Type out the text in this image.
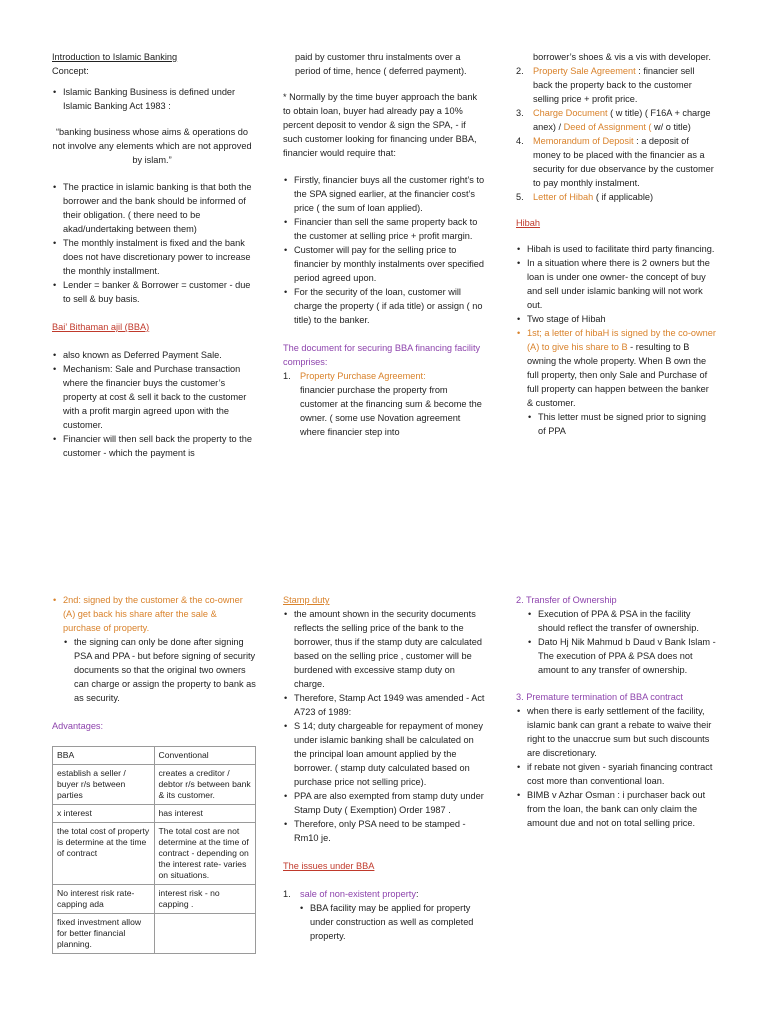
Introduction to Islamic Banking

Concept:

• Islamic Banking Business is defined under Islamic Banking Act 1983 :

“banking business whose aims & operations do not involve any elements which are not approved by islam.”

• The practice in islamic banking is that both the borrower and the bank should be informed of their obligation. ( there need to be akad/undertaking between them)
• The monthly instalment is fixed and the bank does not have discretionary power to increase the monthly installment.
• Lender = banker & Borrower = customer - due to sell & buy basis.

Bai’ Bithaman ajil (BBA)

• also known as Deferred Payment Sale.
• Mechanism: Sale and Purchase transaction where the financier buys the customer’s property at cost & sell it back to the customer with a profit margin agreed upon with the customer.
• Financier will then sell back the property to the customer - which the payment is

paid by customer thru instalments over a period of time, hence ( deferred payment).

* Normally by the time buyer approach the bank to obtain loan, buyer had already pay a 10% percent deposit to vendor & sign the SPA, - if such customer looking for financing under BBA, financier would require that:

• Firstly, financier buys all the customer right’s to the SPA signed earlier, at the financier cost’s price ( the sum of loan applied).
• Financier than sell the same property back to the customer at selling price + profit margin.
• Customer will pay for the selling price to financier by monthly instalments over specified period agreed upon.
• For the security of the loan, customer will charge the property ( if ada title) or assign ( no title) to the banker.

The document for securing BBA financing facility comprises:

1. Property Purchase Agreement:
financier purchase the property from customer at the financing sum & become the owner. ( some use Novation agreement where financier step into

borrower’s shoes & vis a vis with developer.

2. Property Sale Agreement : financier sell back the property back to the customer selling price + profit price.
3. Charge Document ( w title) ( F16A + charge anex) / Deed of Assignment ( w/ o title)
4. Memorandum of Deposit : a deposit of money to be placed with the financier as a security for due observance by the customer to pay monthly instalment.
5. Letter of Hibah ( if applicable)

Hibah

• Hibah is used to facilitate third party financing.
• In a situation where there is 2 owners but the loan is under one owner- the concept of buy and sell under islamic banking will not work out.
• Two stage of Hibah
• 1st; a letter of hibaH is signed by the co-owner (A) to give his share to B - resulting to B owning the whole property. When B own the full property, then only Sale and Purchase of full property can happen between the banker & customer.
• This letter must be signed prior to signing of PPA
• 2nd: signed by the customer & the co-owner (A) get back his share after the sale & purchase of property.
• the signing can only be done after signing PSA and PPA - but before signing of security documents so that the original two owners can charge or assign the property to bank as as security.

Advantages:

BBA	Conventional
establish a seller / buyer r/s between parties	creates a creditor / debtor r/s between bank & its customer.
x interest	has interest
the total cost of property is determine at the time of contract	The total cost are not determine at the time of contract - depending on the interest rate- varies on situations.
No interest risk rate- capping ada	interest risk - no capping .
fixed investment allow for better financial planning.	

Stamp duty

• the amount shown in the security documents reflects the selling price of the bank to the borrower, thus if the stamp duty are calculated based on the selling price , customer will be burdened with excessive stamp duty on charge.
• Therefore, Stamp Act 1949 was amended - Act A723 of 1989:
• S 14; duty chargeable for repayment of money under islamic banking shall be calculated on the principal loan amount applied by the borrower. ( stamp duty calculated based on purchase price not selling price).
• PPA are also exempted from stamp duty under Stamp Duty ( Exemption) Order 1987 .
• Therefore, only PSA need to be stamped - Rm10 je.

The issues under BBA

1. sale of non-existent property:
• BBA facility may be applied for property under construction as well as completed property.

2. Transfer of Ownership

• Execution of PPA & PSA in the facility should reflect the transfer of ownership.
• Dato Hj Nik Mahmud b Daud v Bank Islam - The execution of PPA & PSA does not amount to any transfer of ownership.

3. Premature termination of BBA contract

• when there is early settlement of the facility, islamic bank can grant a rebate to waive their right to the unaccrue sum but such discounts are discretionary.
• if rebate not given - syariah financing contract cost more than conventional loan.
• BIMB v Azhar Osman : i purchaser back out from the loan, the bank can only claim the amount due and not on total selling price.
